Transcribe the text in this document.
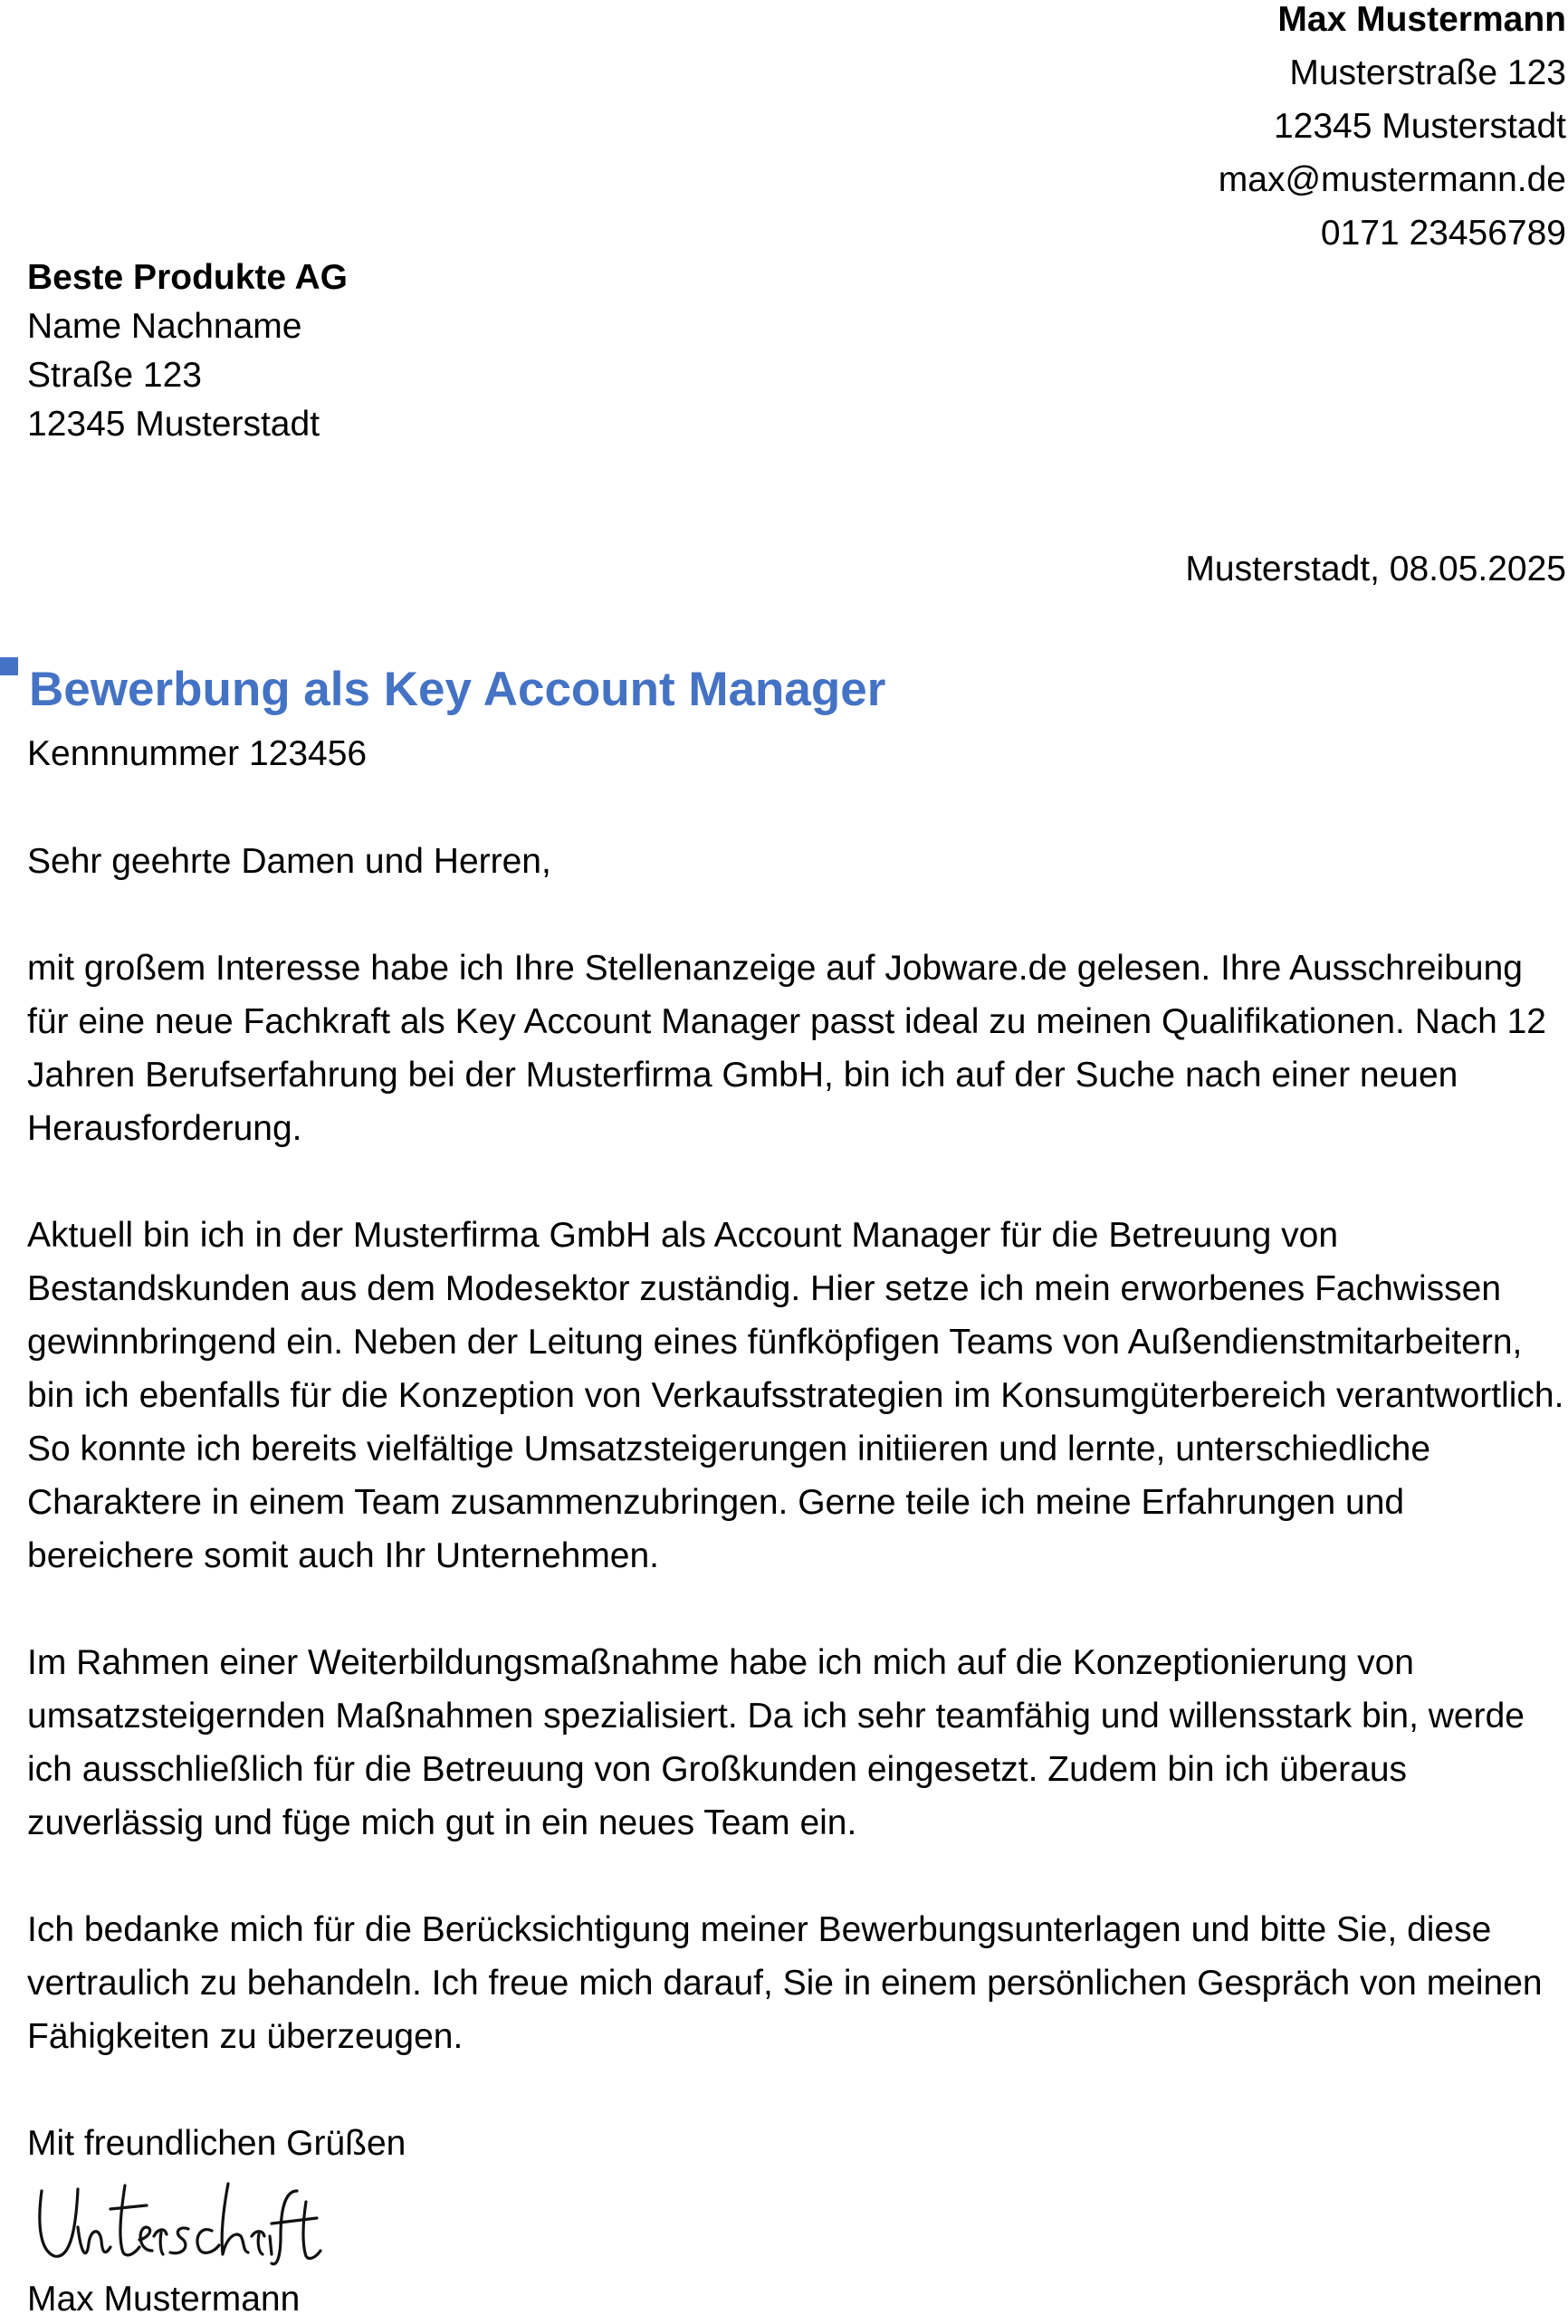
Max Mustermann
Musterstraße 123
12345 Musterstadt
max@mustermann.de
0171 23456789
Beste Produkte AG
Name Nachname
Straße 123
12345 Musterstadt
Musterstadt, 08.05.2025
Bewerbung als Key Account Manager
Kennnummer 123456

Sehr geehrte Damen und Herren,

mit großem Interesse habe ich Ihre Stellenanzeige auf Jobware.de gelesen. Ihre Ausschreibung für eine neue Fachkraft als Key Account Manager passt ideal zu meinen Qualifikationen. Nach 12 Jahren Berufserfahrung bei der Musterfirma GmbH, bin ich auf der Suche nach einer neuen Herausforderung.

Aktuell bin ich in der Musterfirma GmbH als Account Manager für die Betreuung von Bestandskunden aus dem Modesektor zuständig. Hier setze ich mein erworbenes Fachwissen gewinnbringend ein. Neben der Leitung eines fünfköpfigen Teams von Außendienstmitarbeitern, bin ich ebenfalls für die Konzeption von Verkaufsstrategien im Konsumgüterbereich verantwortlich. So konnte ich bereits vielfältige Umsatzsteigerungen initiieren und lernte, unterschiedliche Charaktere in einem Team zusammenzubringen. Gerne teile ich meine Erfahrungen und bereichere somit auch Ihr Unternehmen.

Im Rahmen einer Weiterbildungsmaßnahme habe ich mich auf die Konzeptionierung von umsatzsteigernden Maßnahmen spezialisiert. Da ich sehr teamfähig und willensstark bin, werde ich ausschließlich für die Betreuung von Großkunden eingesetzt. Zudem bin ich überaus zuverlässig und füge mich gut in ein neues Team ein.

Ich bedanke mich für die Berücksichtigung meiner Bewerbungsunterlagen und bitte Sie, diese vertraulich zu behandeln. Ich freue mich darauf, Sie in einem persönlichen Gespräch von meinen Fähigkeiten zu überzeugen.

Mit freundlichen Grüßen

Max Mustermann
